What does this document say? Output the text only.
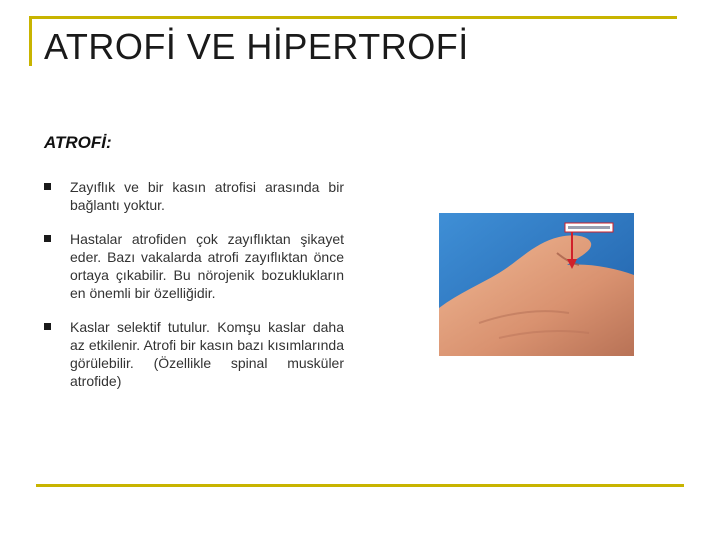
ATROFİ VE HİPERTROFİ
ATROFİ:
Zayıflık ve bir kasın atrofisi arasında bir bağlantı yoktur.
Hastalar atrofiden çok zayıflıktan şikayet eder. Bazı vakalarda atrofi zayıflıktan önce ortaya çıkabilir. Bu nörojenik bozuklukların en önemli bir özelliğidir.
Kaslar selektif tutulur. Komşu kaslar daha az etkilenir. Atrofi bir kasın bazı kısımlarında görülebilir. (Özellikle spinal musküler atrofide)
